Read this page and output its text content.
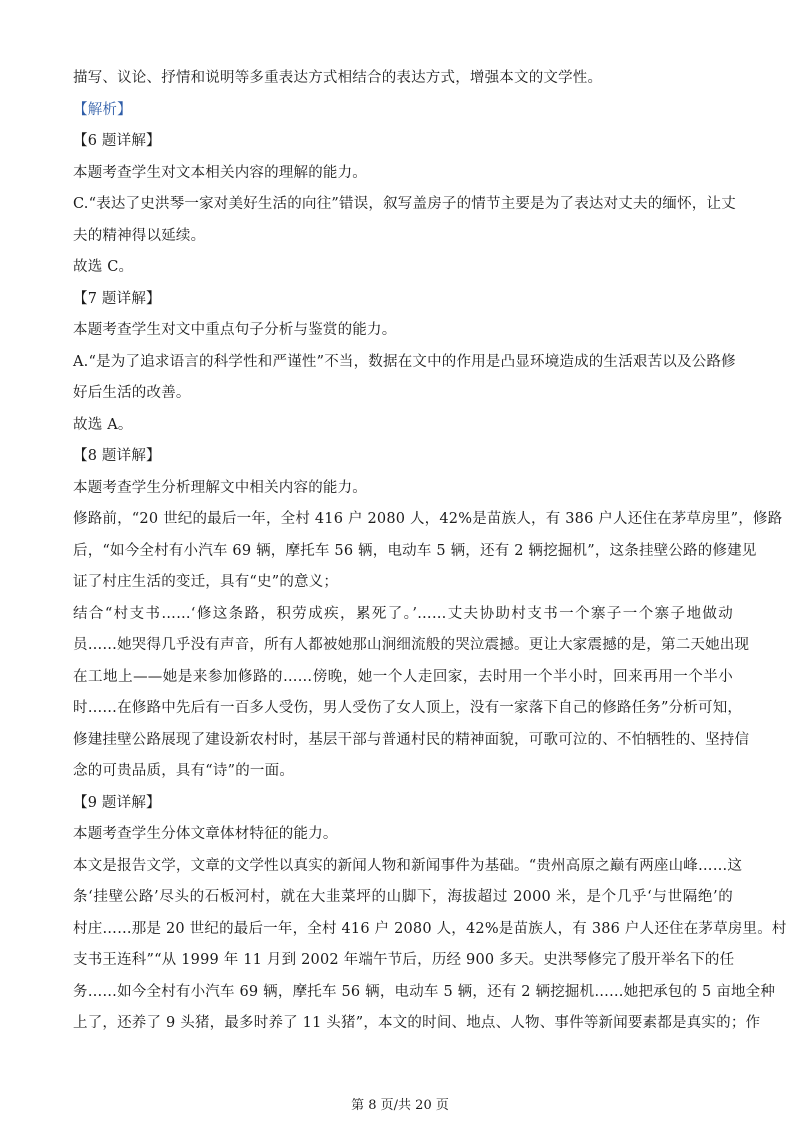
描写、议论、抒情和说明等多重表达方式相结合的表达方式，增强本文的文学性。
【解析】
【6 题详解】
本题考查学生对文本相关内容的理解的能力。
C.“表达了史洪琴一家对美好生活的向往”错误，叙写盖房子的情节主要是为了表达对丈夫的缅怀，让丈
夫的精神得以延续。
故选 C。
【7 题详解】
本题考查学生对文中重点句子分析与鉴赏的能力。
A.“是为了追求语言的科学性和严谨性”不当，数据在文中的作用是凸显环境造成的生活艰苦以及公路修
好后生活的改善。
故选 A。
【8 题详解】
本题考查学生分析理解文中相关内容的能力。
修路前，“20 世纪的最后一年，全村 416 户 2080 人，42%是苗族人，有 386 户人还住在茅草房里”，修路
后，“如今全村有小汽车 69 辆，摩托车 56 辆，电动车 5 辆，还有 2 辆挖掘机”，这条挂壁公路的修建见
证了村庄生活的变迁，具有“史”的意义；
结合“村支书……‘修这条路，积劳成疾，累死了。’……丈夫协助村支书一个寨子一个寨子地做动
员……她哭得几乎没有声音，所有人都被她那山涧细流般的哭泣震撼。更让大家震撼的是，第二天她出现
在工地上——她是来参加修路的……傍晚，她一个人走回家，去时用一个半小时，回来再用一个半小
时……在修路中先后有一百多人受伤，男人受伤了女人顶上，没有一家落下自己的修路任务”分析可知，
修建挂壁公路展现了建设新农村时，基层干部与普通村民的精神面貌，可歌可泣的、不怕牺牲的、坚持信
念的可贵品质，具有“诗”的一面。
【9 题详解】
本题考查学生分体文章体材特征的能力。
本文是报告文学，文章的文学性以真实的新闻人物和新闻事件为基础。“贵州高原之巅有两座山峰……这
条‘挂壁公路’尽头的石板河村，就在大韭菜坪的山脚下，海拔超过 2000 米，是个几乎‘与世隔绝’的
村庄……那是 20 世纪的最后一年，全村 416 户 2080 人，42%是苗族人，有 386 户人还住在茅草房里。村
支书王连科”“从 1999 年 11 月到 2002 年端午节后，历经 900 多天。史洪琴修完了殷开举名下的任
务……如今全村有小汽车 69 辆，摩托车 56 辆，电动车 5 辆，还有 2 辆挖掘机……她把承包的 5 亩地全种
上了，还养了 9 头猪，最多时养了 11 头猪”，本文的时间、地点、人物、事件等新闻要素都是真实的；作
第 8 页/共 20 页
